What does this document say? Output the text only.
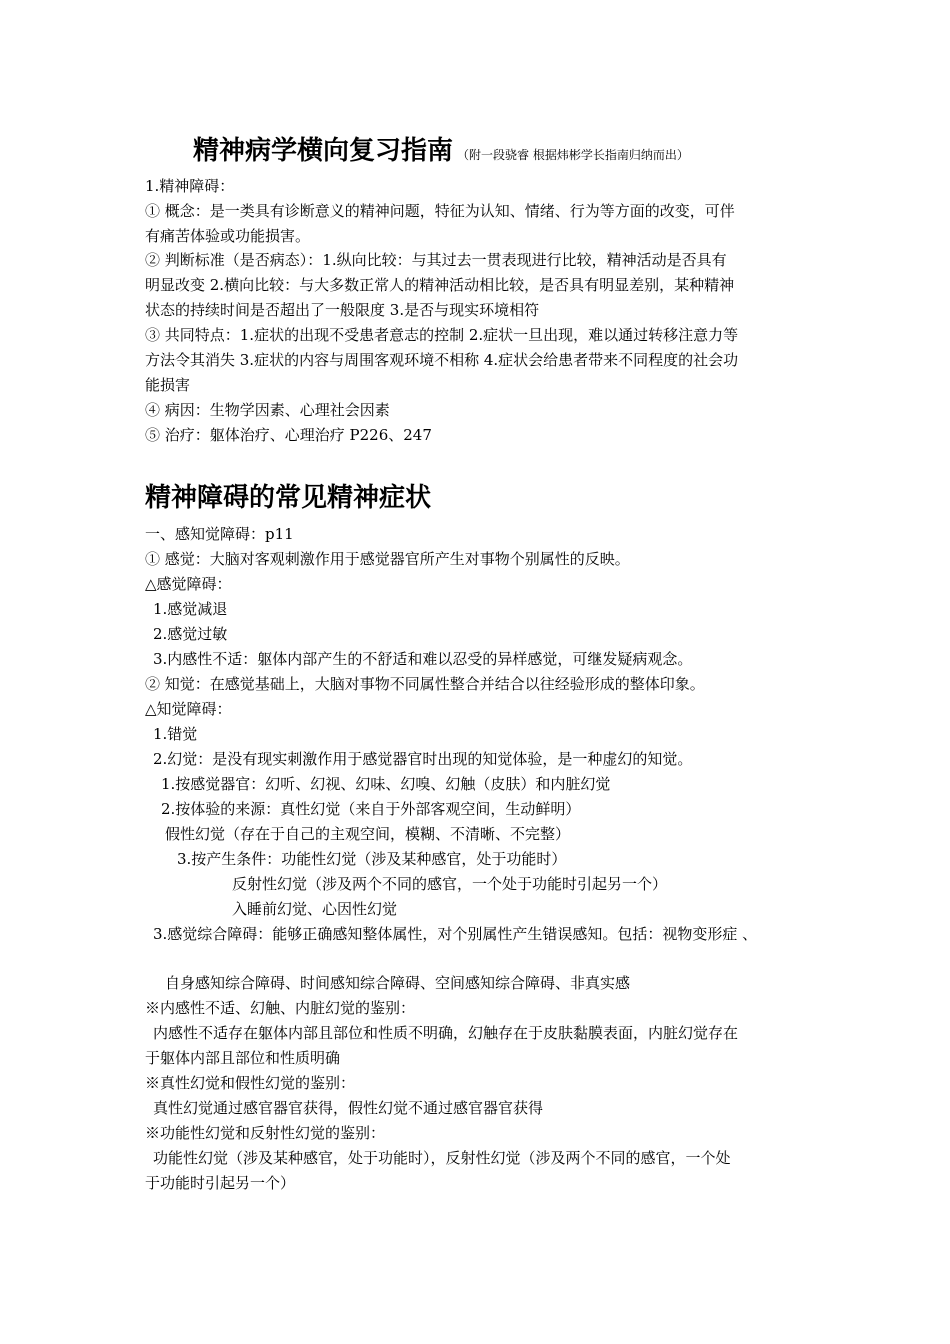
精神病学横向复习指南 （附一段骁睿 根据炜彬学长指南归纳而出）
1.精神障碍：
① 概念：是一类具有诊断意义的精神问题，特征为认知、情绪、行为等方面的改变，可伴
有痛苦体验或功能损害。
② 判断标准（是否病态）：1.纵向比较：与其过去一贯表现进行比较，精神活动是否具有
明显改变 2.横向比较：与大多数正常人的精神活动相比较，是否具有明显差别，某种精神
状态的持续时间是否超出了一般限度 3.是否与现实环境相符
③ 共同特点：1.症状的出现不受患者意志的控制 2.症状一旦出现，难以通过转移注意力等
方法令其消失 3.症状的内容与周围客观环境不相称 4.症状会给患者带来不同程度的社会功
能损害
④ 病因：生物学因素、心理社会因素
⑤ 治疗：躯体治疗、心理治疗 P226、247
精神障碍的常见精神症状
一、感知觉障碍：p11
① 感觉：大脑对客观刺激作用于感觉器官所产生对事物个别属性的反映。
△感觉障碍：
1.感觉减退
2.感觉过敏
3.内感性不适：躯体内部产生的不舒适和难以忍受的异样感觉，可继发疑病观念。
② 知觉：在感觉基础上，大脑对事物不同属性整合并结合以往经验形成的整体印象。
△知觉障碍：
1.错觉
2.幻觉：是没有现实刺激作用于感觉器官时出现的知觉体验，是一种虚幻的知觉。
1.按感觉器官：幻听、幻视、幻味、幻嗅、幻触（皮肤）和内脏幻觉
2.按体验的来源：真性幻觉（来自于外部客观空间，生动鲜明）
假性幻觉（存在于自己的主观空间，模糊、不清晰、不完整）
3.按产生条件：功能性幻觉（涉及某种感官，处于功能时）
反射性幻觉（涉及两个不同的感官，一个处于功能时引起另一个）
入睡前幻觉、心因性幻觉
3.感觉综合障碍：能够正确感知整体属性，对个别属性产生错误感知。包括：视物变形症 、
自身感知综合障碍、时间感知综合障碍、空间感知综合障碍、非真实感
※内感性不适、幻触、内脏幻觉的鉴别：
内感性不适存在躯体内部且部位和性质不明确，幻触存在于皮肤黏膜表面，内脏幻觉存在
于躯体内部且部位和性质明确
※真性幻觉和假性幻觉的鉴别：
真性幻觉通过感官器官获得，假性幻觉不通过感官器官获得
※功能性幻觉和反射性幻觉的鉴别：
功能性幻觉（涉及某种感官，处于功能时），反射性幻觉（涉及两个不同的感官，一个处
于功能时引起另一个）
